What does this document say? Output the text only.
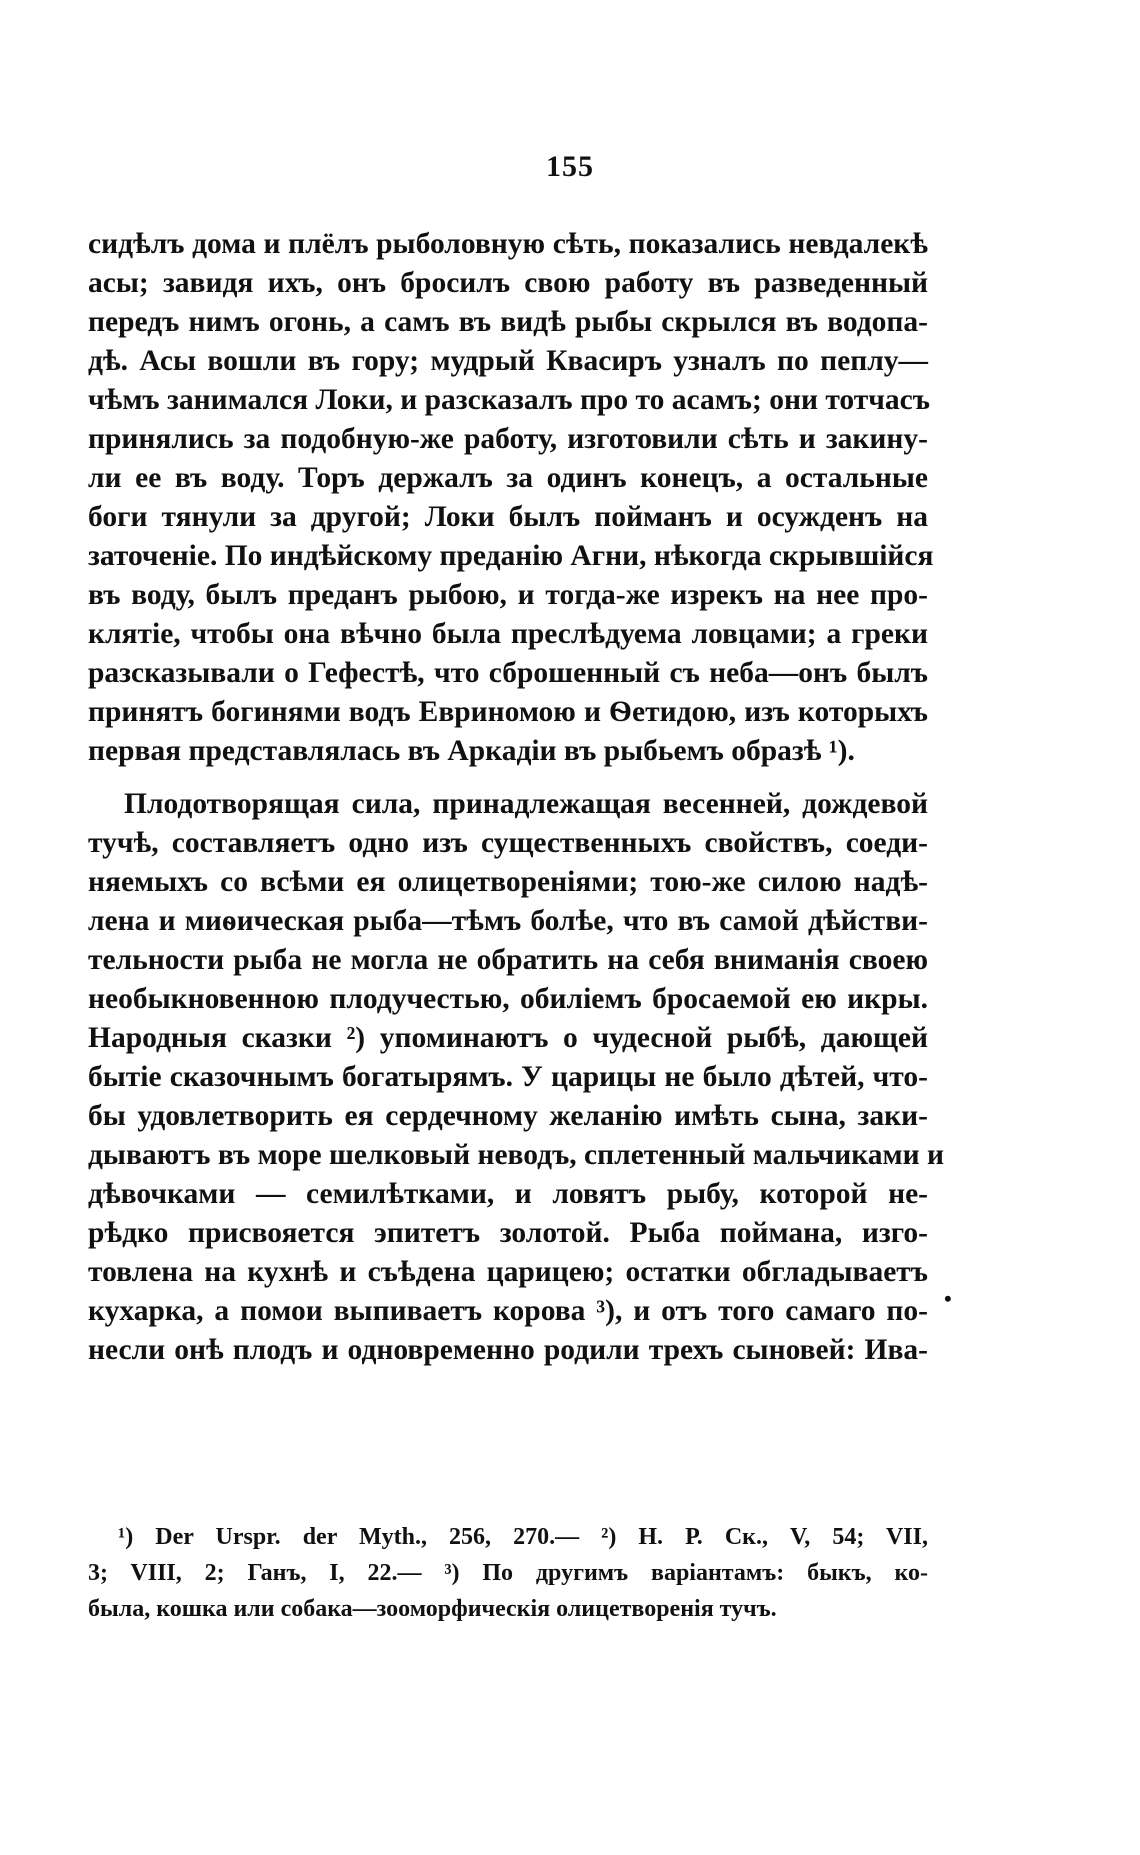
155
сидѣлъ дома и плёлъ рыболовную сѣть, показались невдалекѣ
асы; завидя ихъ, онъ бросилъ свою работу въ разведенный
передъ нимъ огонь, а самъ въ видѣ рыбы скрылся въ водопа-
дѣ. Асы вошли въ гору; мудрый Квасиръ узналъ по пеплу—
чѣмъ занимался Локи, и разсказалъ про то асамъ; они тотчасъ
принялись за подобную-же работу, изготовили сѣть и закину-
ли ее въ воду. Торъ держалъ за одинъ конецъ, а остальные
боги тянули за другой; Локи былъ пойманъ и осужденъ на
заточеніе. По индѣйскому преданію Агни, нѣкогда скрывшійся
въ воду, былъ преданъ рыбою, и тогда-же изрекъ на нее про-
клятіе, чтобы она вѣчно была преслѣдуема ловцами; а греки
разсказывали о Гефестѣ, что сброшенный съ неба—онъ былъ
принятъ богинями водъ Евриномою и Ѳетидою, изъ которыхъ
первая представлялась въ Аркадіи въ рыбьемъ образѣ ¹).
Плодотворящая сила, принадлежащая весенней, дождевой
тучѣ, составляетъ одно изъ существенныхъ свойствъ, соеди-
няемыхъ со всѣми ея олицетвореніями; тою-же силою надѣ-
лена и миѳическая рыба—тѣмъ болѣе, что въ самой дѣйстви-
тельности рыба не могла не обратить на себя вниманія своею
необыкновенною плодучестью, обиліемъ бросаемой ею икры.
Народныя сказки ²) упоминаютъ о чудесной рыбѣ, дающей
бытіе сказочнымъ богатырямъ. У царицы не было дѣтей, что-
бы удовлетворить ея сердечному желанію имѣть сына, заки-
дываютъ въ море шелковый неводъ, сплетенный мальчиками и
дѣвочками — семилѣтками, и ловятъ рыбу, которой не-
рѣдко присвояется эпитетъ золотой. Рыба поймана, изго-
товлена на кухнѣ и съѣдена царицею; остатки обгладываетъ
кухарка, а помои выпиваетъ корова ³), и отъ того самаго по-
несли онѣ плодъ и одновременно родили трехъ сыновей: Ива-
•
¹) Der Urspr. der Myth., 256, 270.— ²) Н. Р. Ск., V, 54; VII,
3; VIII, 2; Ганъ, I, 22.— ³) По другимъ варіантамъ: быкъ, ко-
была, кошка или собака—зооморфическія олицетворенія тучъ.
